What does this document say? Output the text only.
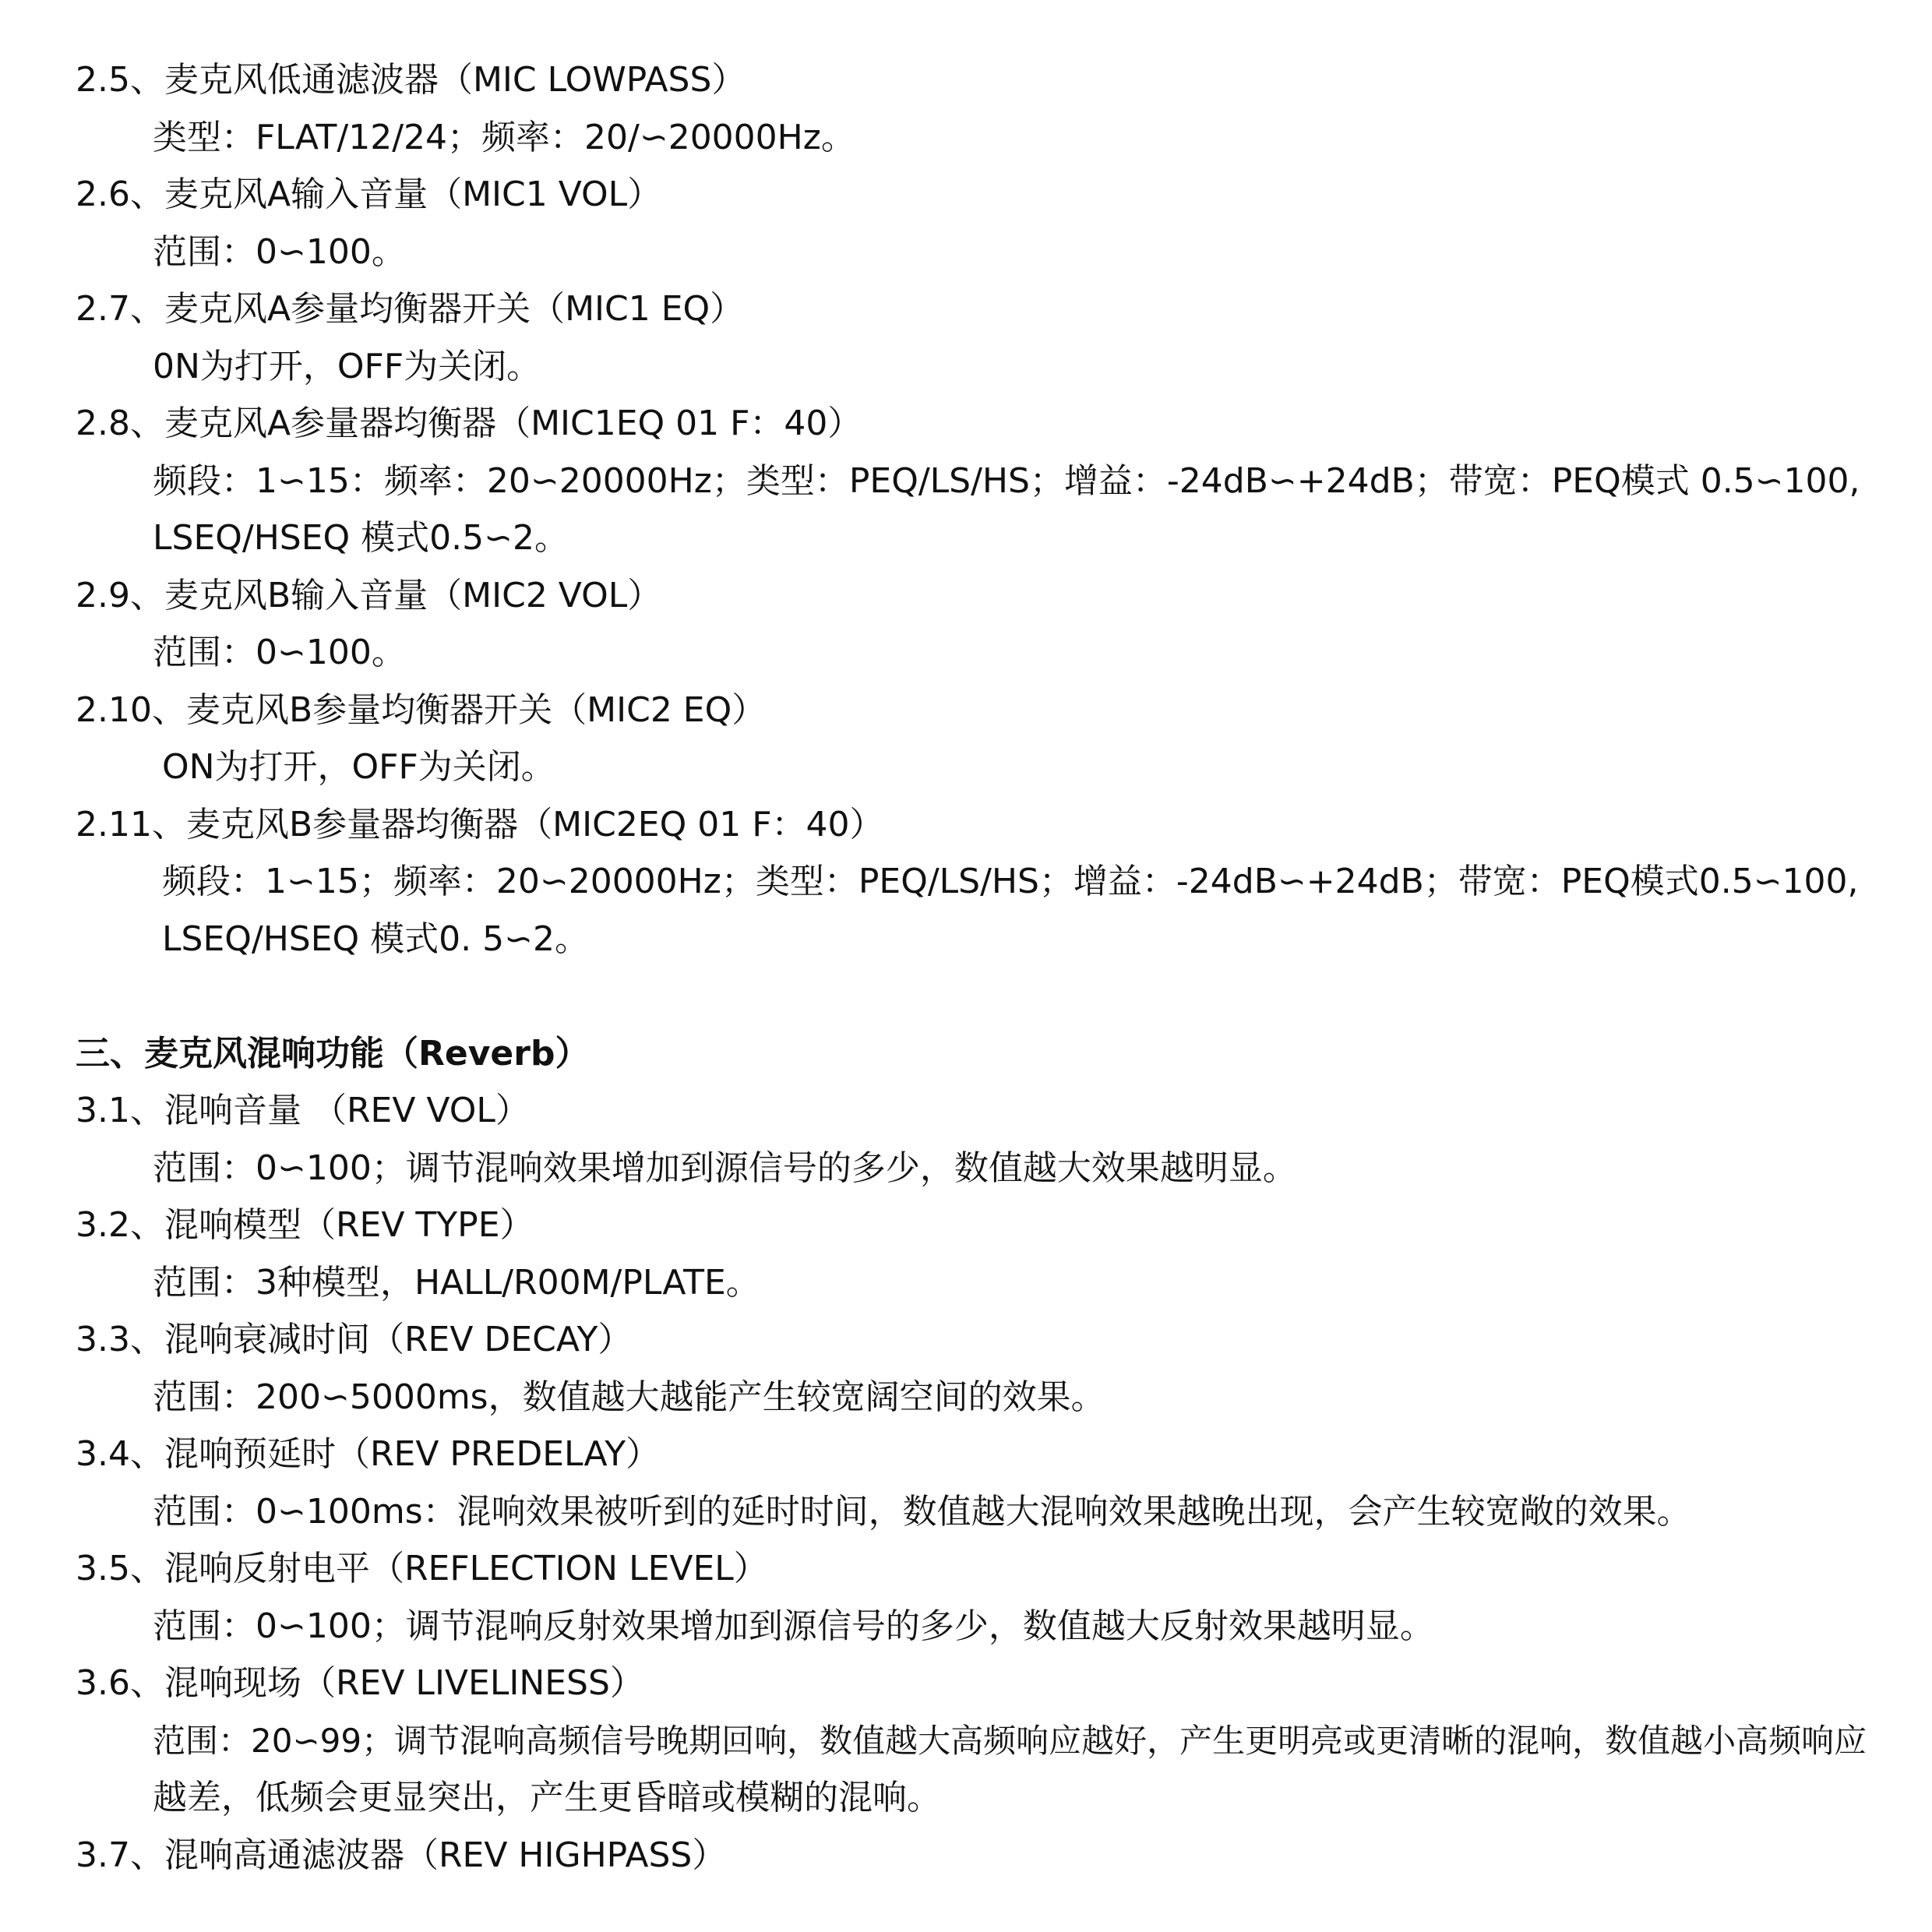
2.5、麦克风低通滤波器（MIC LOWPASS）
类型：FLAT/12/24；频率：20/∽20000Hz。
2.6、麦克风A输入音量（MIC1 VOL）
范围：0∽100。
2.7、麦克风A参量均衡器开关（MIC1 EQ）
0N为打开，OFF为关闭。
2.8、麦克风A参量器均衡器（MIC1EQ 01 F：40）
频段：1∽15：频率：20∽20000Hz；类型：PEQ/LS/HS；增益：-24dB∽+24dB；带宽：PEQ模式 0.5∽100,
LSEQ/HSEQ 模式0.5∽2。
2.9、麦克风B输入音量（MIC2 VOL）
范围：0∽100。
2.10、麦克风B参量均衡器开关（MIC2 EQ）
ON为打开，OFF为关闭。
2.11、麦克风B参量器均衡器（MIC2EQ 01 F：40）
频段：1∽15；频率：20∽20000Hz；类型：PEQ/LS/HS；增益：-24dB∽+24dB；带宽：PEQ模式0.5∽100,
LSEQ/HSEQ 模式0. 5∽2。
三、麦克风混响功能（Reverb）
3.1、混响音量 （REV VOL）
范围：0∽100；调节混响效果增加到源信号的多少，数值越大效果越明显。
3.2、混响模型（REV TYPE）
范围：3种模型，HALL/R00M/PLATE。
3.3、混响衰减时间（REV DECAY）
范围：200∽5000ms，数值越大越能产生较宽阔空间的效果。
3.4、混响预延时（REV PREDELAY）
范围：0∽100ms：混响效果被听到的延时时间，数值越大混响效果越晚出现，会产生较宽敞的效果。
3.5、混响反射电平（REFLECTION LEVEL）
范围：0∽100；调节混响反射效果增加到源信号的多少，数值越大反射效果越明显。
3.6、混响现场（REV LIVELINESS）
范围：20∽99；调节混响高频信号晚期回响，数值越大高频响应越好，产生更明亮或更清晰的混响，数值越小高频响应
越差，低频会更显突出，产生更昏暗或模糊的混响。
3.7、混响高通滤波器（REV HIGHPASS）
